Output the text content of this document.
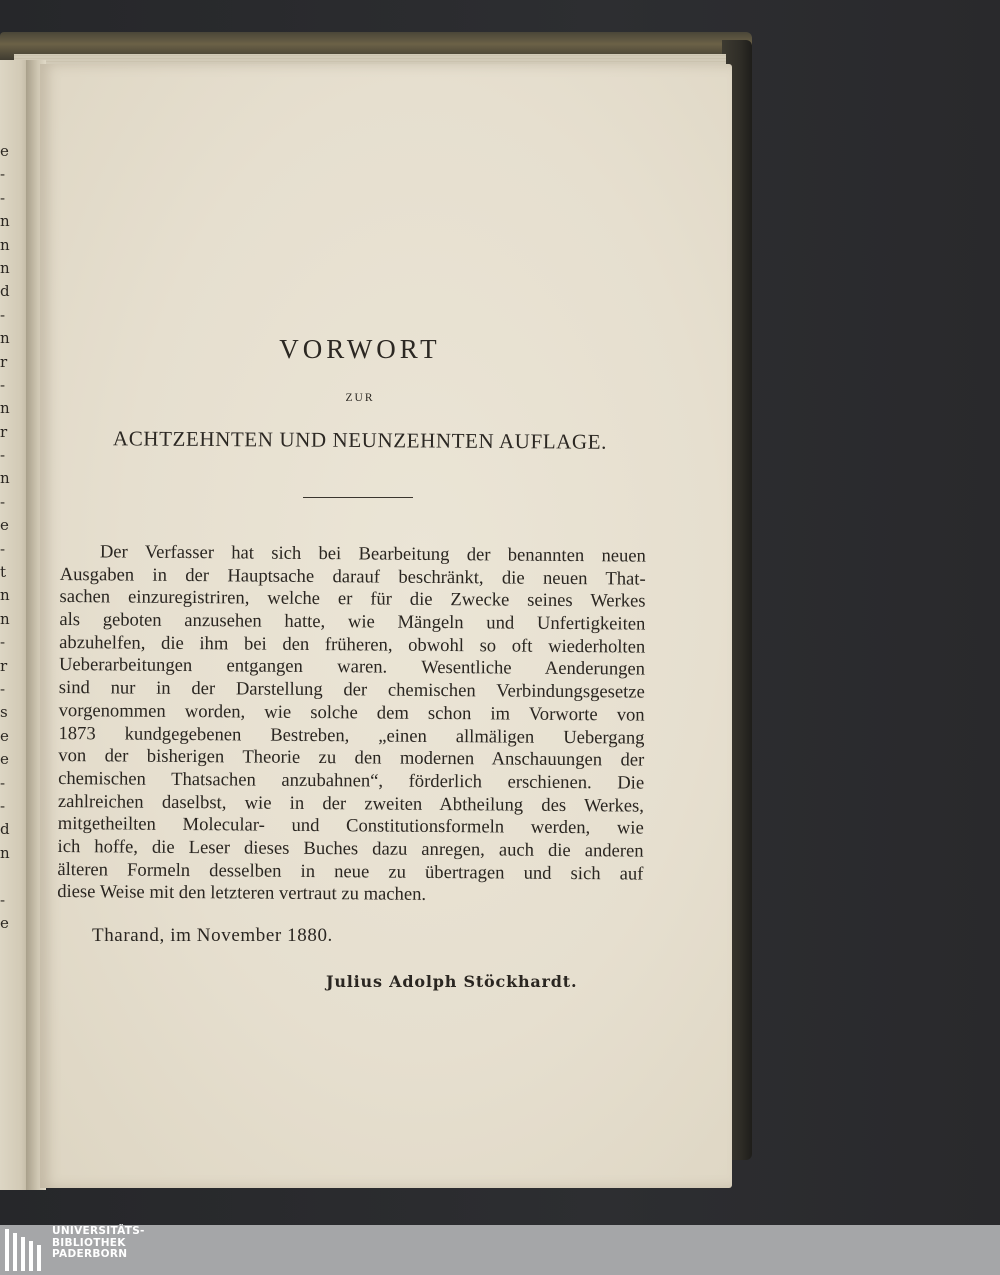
e
-
-
n
n
n
d
-
n
r
-
n
r
-
n
-
e
-
t
n
n
-
r
-
s
e
e
-
-
d
n
-
e
VORWORT
ZUR
ACHTZEHNTEN UND NEUNZEHNTEN AUFLAGE.
Der Verfasser hat sich bei Bearbeitung der benannten neuen
Ausgaben in der Hauptsache darauf beschränkt, die neuen That-
sachen einzuregistriren, welche er für die Zwecke seines Werkes
als geboten anzusehen hatte, wie Mängeln und Unfertigkeiten
abzuhelfen, die ihm bei den früheren, obwohl so oft wiederholten
Ueberarbeitungen entgangen waren. Wesentliche Aenderungen
sind nur in der Darstellung der chemischen Verbindungsgesetze
vorgenommen worden, wie solche dem schon im Vorworte von
1873 kundgegebenen Bestreben, „einen allmäligen Uebergang
von der bisherigen Theorie zu den modernen Anschauungen der
chemischen Thatsachen anzubahnen“, förderlich erschienen. Die
zahlreichen daselbst, wie in der zweiten Abtheilung des Werkes,
mitgetheilten Molecular- und Constitutionsformeln werden, wie
ich hoffe, die Leser dieses Buches dazu anregen, auch die anderen
älteren Formeln desselben in neue zu übertragen und sich auf
diese Weise mit den letzteren vertraut zu machen.
Tharand, im November 1880.
Julius Adolph Stöckhardt.
UNIVERSITÄTS-
BIBLIOTHEK
PADERBORN
